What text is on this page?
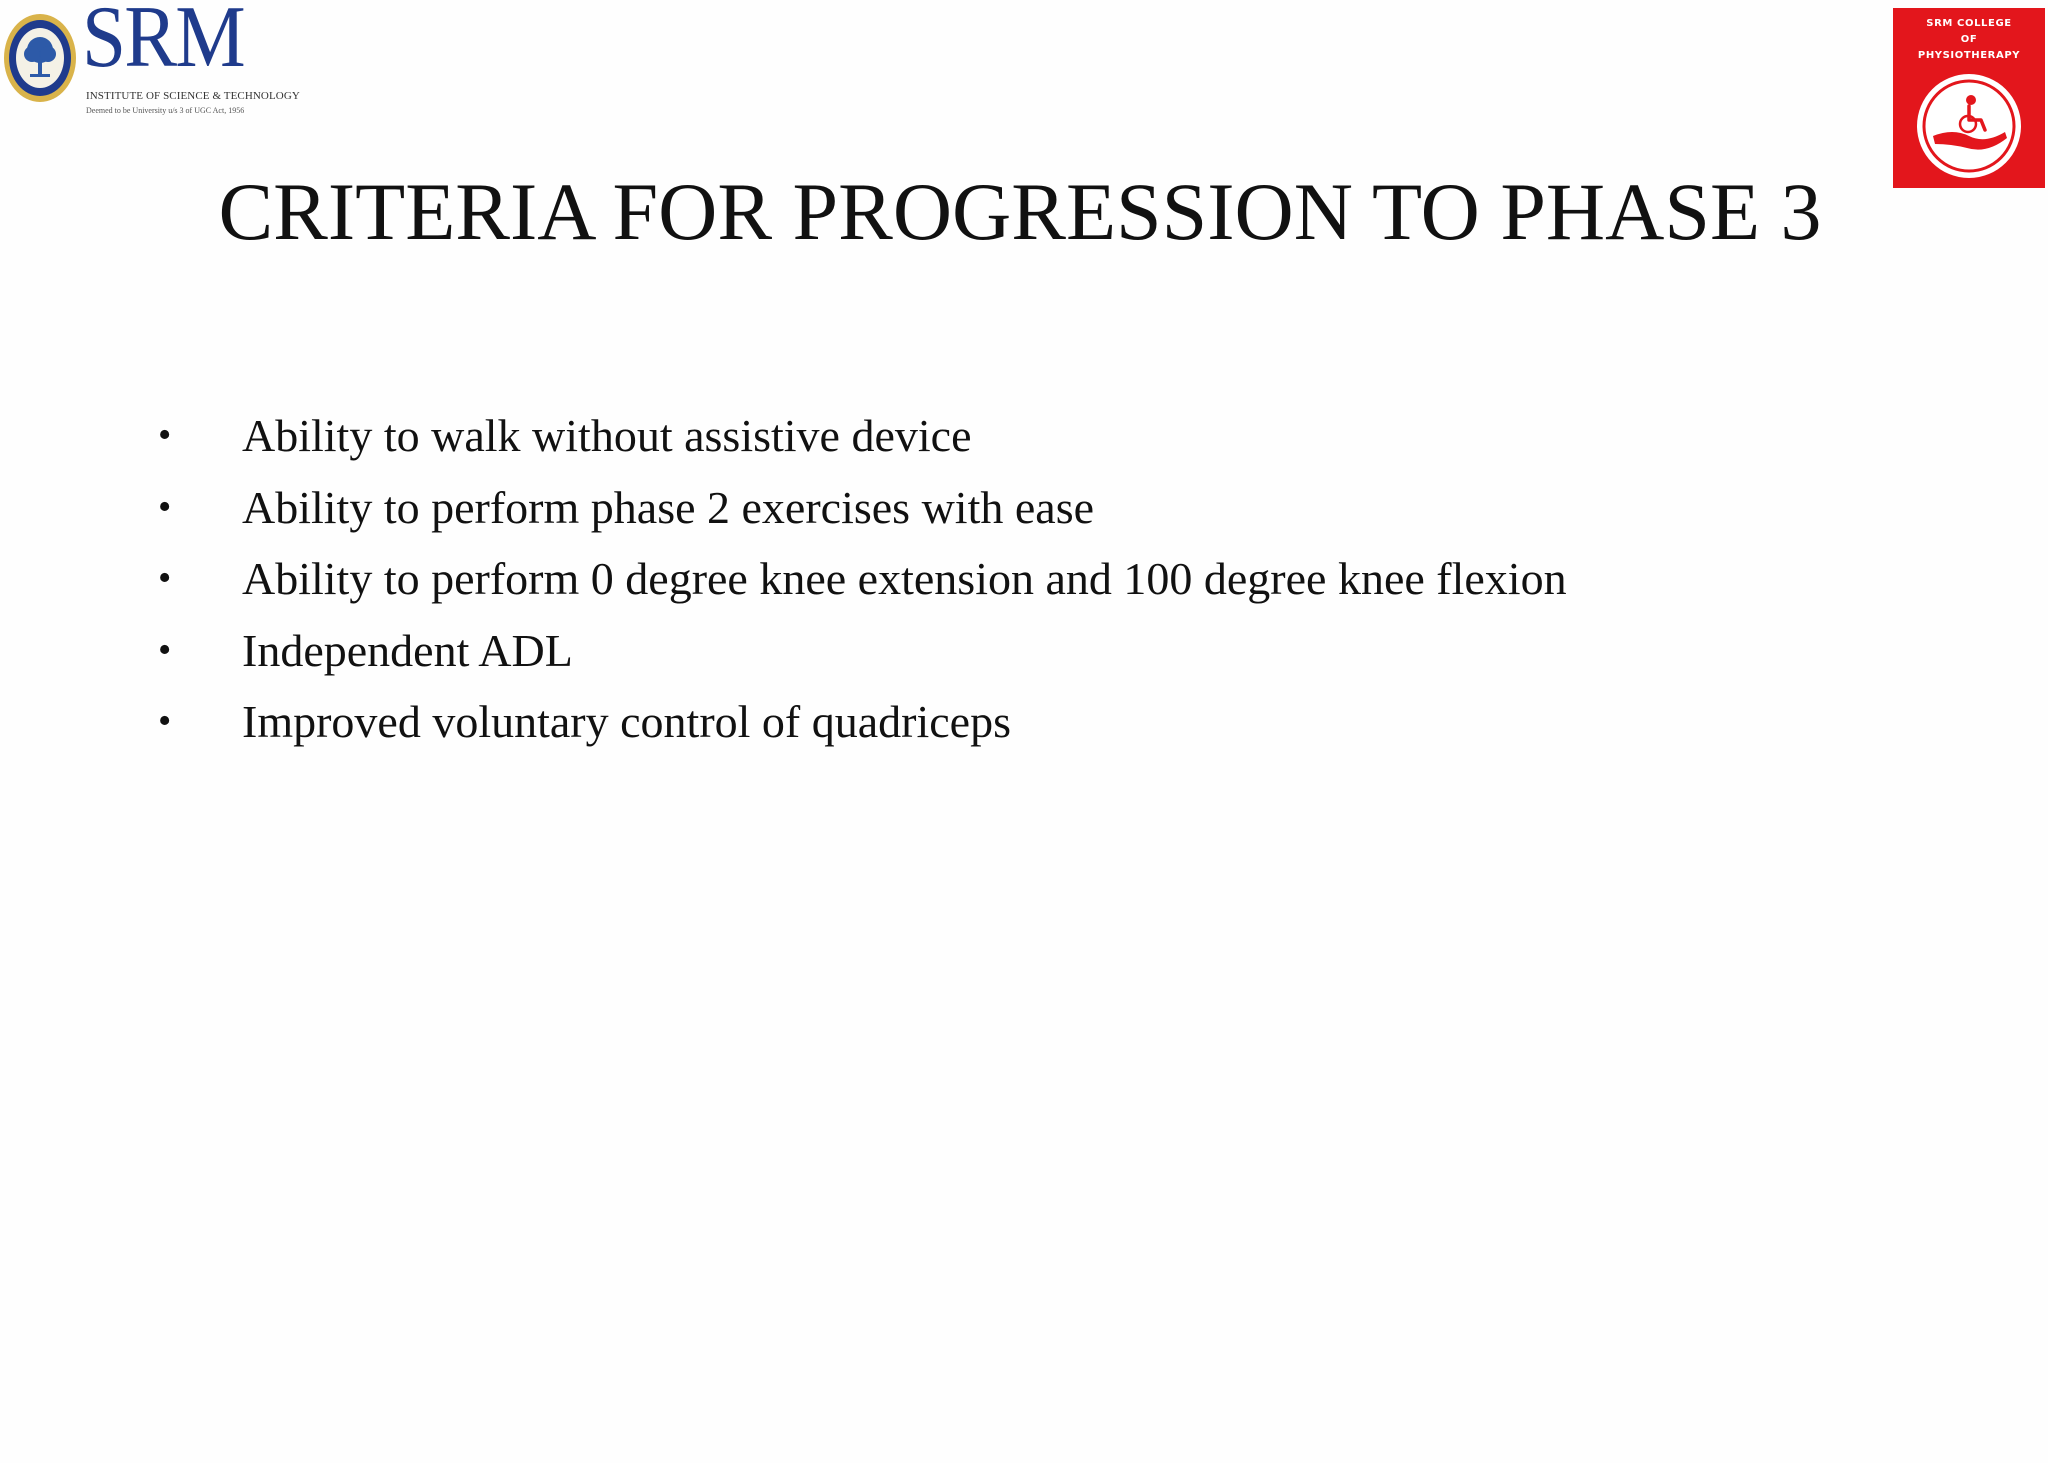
SRM
INSTITUTE OF SCIENCE & TECHNOLOGY
Deemed to be University u/s 3 of UGC Act, 1956
SRM COLLEGE
OF
PHYSIOTHERAPY
CRITERIA FOR PROGRESSION TO PHASE 3
• Ability to walk without assistive device
• Ability to perform phase 2 exercises with ease
• Ability to perform 0 degree knee extension and 100 degree knee flexion
• Independent ADL
• Improved voluntary control of quadriceps
